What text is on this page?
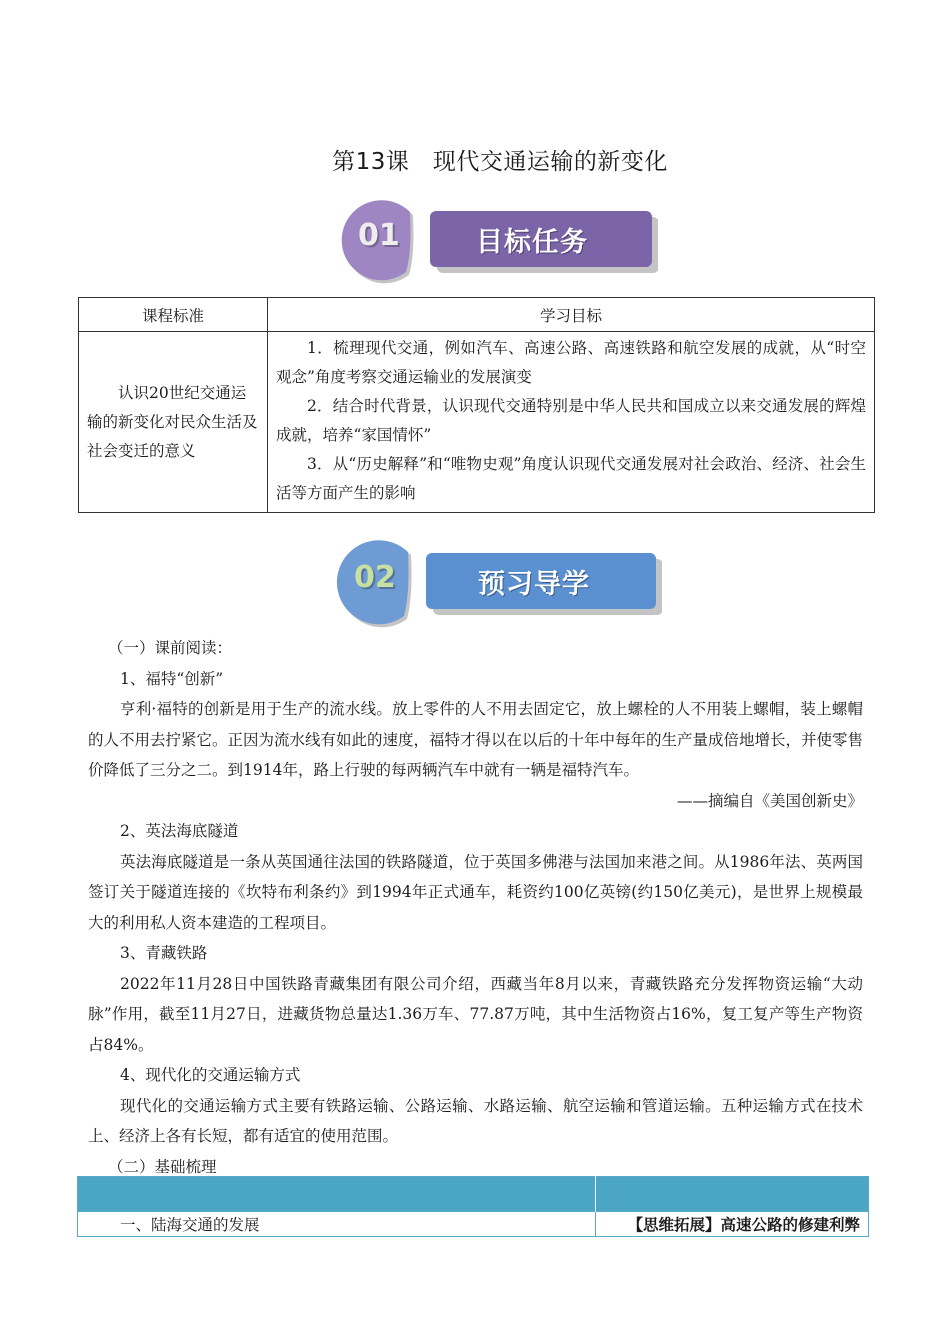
第13课　现代交通运输的新变化
01	目标任务
课程标准	学习目标
认识20世纪交通运输的新变化对民众生活及社会变迁的意义	1．梳理现代交通，例如汽车、高速公路、高速铁路和航空发展的成就，从“时空观念”角度考察交通运输业的发展演变

2．结合时代背景，认识现代交通特别是中华人民共和国成立以来交通发展的辉煌成就，培养“家国情怀”

3．从“历史解释”和“唯物史观”角度认识现代交通发展对社会政治、经济、社会生活等方面产生的影响

02	预习导学

（一）课前阅读：

1、福特“创新”

亨利·福特的创新是用于生产的流水线。放上零件的人不用去固定它，放上螺栓的人不用装上螺帽，装上螺帽的人不用去拧紧它。正因为流水线有如此的速度，福特才得以在以后的十年中每年的生产量成倍地增长，并使零售价降低了三分之二。到1914年，路上行驶的每两辆汽车中就有一辆是福特汽车。

——摘编自《美国创新史》

2、英法海底隧道

英法海底隧道是一条从英国通往法国的铁路隧道，位于英国多佛港与法国加来港之间。从1986年法、英两国签订关于隧道连接的《坎特布利条约》到1994年正式通车，耗资约100亿英镑(约150亿美元)，是世界上规模最大的利用私人资本建造的工程项目。

3、青藏铁路

2022年11月28日中国铁路青藏集团有限公司介绍，西藏当年8月以来，青藏铁路充分发挥物资运输“大动脉”作用，截至11月27日，进藏货物总量达1.36万车、77.87万吨，其中生活物资占16%，复工复产等生产物资占84%。

4、现代化的交通运输方式

现代化的交通运输方式主要有铁路运输、公路运输、水路运输、航空运输和管道运输。五种运输方式在技术上、经济上各有长短，都有适宜的使用范围。

（二）基础梳理

一、陆海交通的发展	【思维拓展】高速公路的修建利弊
